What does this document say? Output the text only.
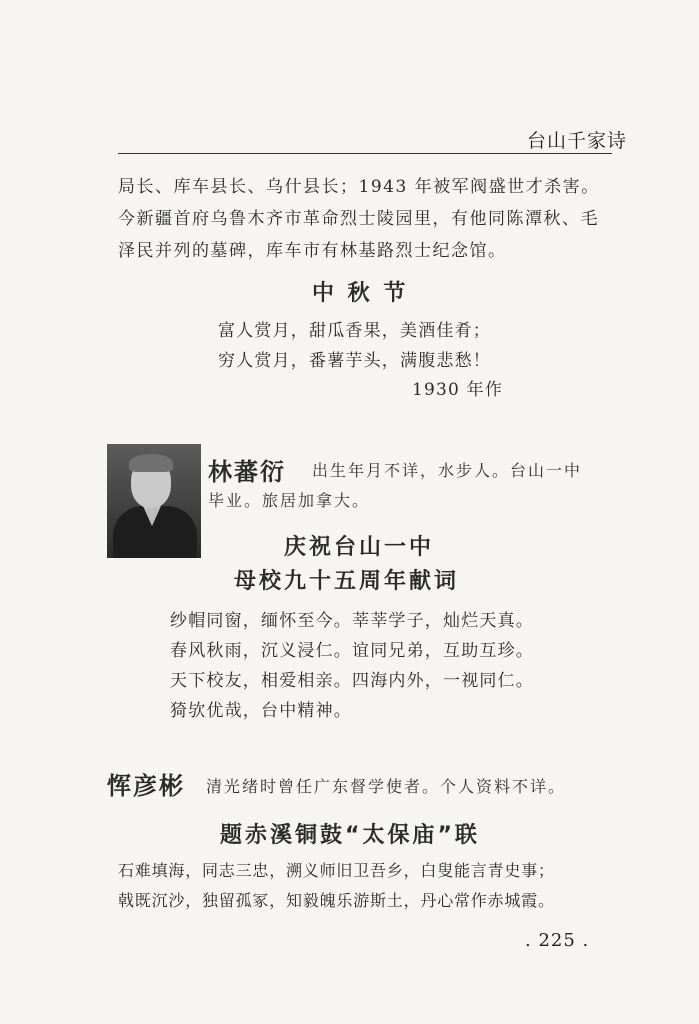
台山千家诗
局长、库车县长、乌什县长；1943 年被军阀盛世才杀害。
今新疆首府乌鲁木齐市革命烈士陵园里，有他同陈潭秋、毛
泽民并列的墓碑，库车市有林基路烈士纪念馆。
中 秋 节
富人赏月，甜瓜香果，美酒佳肴；
穷人赏月，番薯芋头，满腹悲愁！
1930 年作
林蕃衍 出生年月不详，水步人。台山一中
毕业。旅居加拿大。
庆祝台山一中
母校九十五周年献词
纱帽同窗，缅怀至今。莘莘学子，灿烂天真。
春风秋雨，沉义浸仁。谊同兄弟，互助互珍。
天下校友，相爱相亲。四海内外，一视同仁。
猗欤优哉，台中精神。
恽彦彬 清光绪时曾任广东督学使者。个人资料不详。
题赤溪铜鼓“太保庙”联
石难填海，同志三忠，溯义师旧卫吾乡，白叟能言青史事；
戟既沉沙，独留孤冢，知毅魄乐游斯土，丹心常作赤城霞。
. 225 .
